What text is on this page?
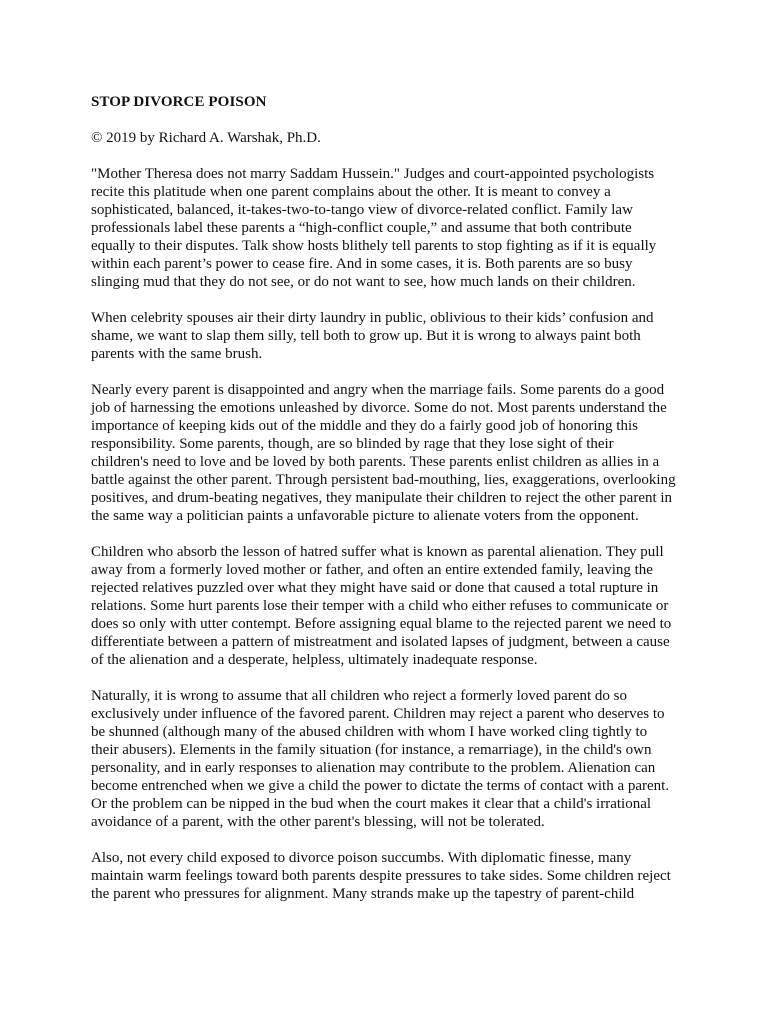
STOP DIVORCE POISON
© 2019 by Richard A. Warshak, Ph.D.
"Mother Theresa does not marry Saddam Hussein." Judges and court-appointed psychologists
recite this platitude when one parent complains about the other. It is meant to convey a
sophisticated, balanced, it-takes-two-to-tango view of divorce-related conflict. Family law
professionals label these parents a “high-conflict couple,” and assume that both contribute
equally to their disputes. Talk show hosts blithely tell parents to stop fighting as if it is equally
within each parent’s power to cease fire. And in some cases, it is. Both parents are so busy
slinging mud that they do not see, or do not want to see, how much lands on their children.
When celebrity spouses air their dirty laundry in public, oblivious to their kids’ confusion and
shame, we want to slap them silly, tell both to grow up. But it is wrong to always paint both
parents with the same brush.
Nearly every parent is disappointed and angry when the marriage fails. Some parents do a good
job of harnessing the emotions unleashed by divorce. Some do not. Most parents understand the
importance of keeping kids out of the middle and they do a fairly good job of honoring this
responsibility. Some parents, though, are so blinded by rage that they lose sight of their
children's need to love and be loved by both parents. These parents enlist children as allies in a
battle against the other parent. Through persistent bad-mouthing, lies, exaggerations, overlooking
positives, and drum-beating negatives, they manipulate their children to reject the other parent in
the same way a politician paints a unfavorable picture to alienate voters from the opponent.
Children who absorb the lesson of hatred suffer what is known as parental alienation. They pull
away from a formerly loved mother or father, and often an entire extended family, leaving the
rejected relatives puzzled over what they might have said or done that caused a total rupture in
relations. Some hurt parents lose their temper with a child who either refuses to communicate or
does so only with utter contempt. Before assigning equal blame to the rejected parent we need to
differentiate between a pattern of mistreatment and isolated lapses of judgment, between a cause
of the alienation and a desperate, helpless, ultimately inadequate response.
Naturally, it is wrong to assume that all children who reject a formerly loved parent do so
exclusively under influence of the favored parent. Children may reject a parent who deserves to
be shunned (although many of the abused children with whom I have worked cling tightly to
their abusers). Elements in the family situation (for instance, a remarriage), in the child's own
personality, and in early responses to alienation may contribute to the problem. Alienation can
become entrenched when we give a child the power to dictate the terms of contact with a parent.
Or the problem can be nipped in the bud when the court makes it clear that a child's irrational
avoidance of a parent, with the other parent's blessing, will not be tolerated.
Also, not every child exposed to divorce poison succumbs. With diplomatic finesse, many
maintain warm feelings toward both parents despite pressures to take sides. Some children reject
the parent who pressures for alignment. Many strands make up the tapestry of parent-child
